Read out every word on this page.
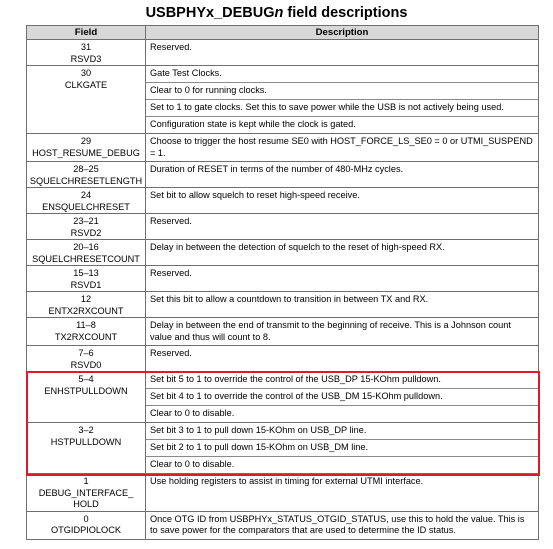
USBPHYx_DEBUGn field descriptions
Field	Description

31
RSVD3	Reserved.

30
CLKGATE	Gate Test Clocks.
Clear to 0 for running clocks.
Set to 1 to gate clocks. Set this to save power while the USB is not actively being used.
Configuration state is kept while the clock is gated.

29
HOST_RESUME_DEBUG	Choose to trigger the host resume SE0 with HOST_FORCE_LS_SE0 = 0 or UTMI_SUSPEND = 1.

28–25
SQUELCHRESETLENGTH	Duration of RESET in terms of the number of 480-MHz cycles.

24
ENSQUELCHRESET	Set bit to allow squelch to reset high-speed receive.

23–21
RSVD2	Reserved.

20–16
SQUELCHRESETCOUNT	Delay in between the detection of squelch to the reset of high-speed RX.

15–13
RSVD1	Reserved.

12
ENTX2RXCOUNT	Set this bit to allow a countdown to transition in between TX and RX.

11–8
TX2RXCOUNT	Delay in between the end of transmit to the beginning of receive. This is a Johnson count value and thus will count to 8.

7–6
RSVD0	Reserved.

5–4
ENHSTPULLDOWN	Set bit 5 to 1 to override the control of the USB_DP 15-KOhm pulldown.
Set bit 4 to 1 to override the control of the USB_DM 15-KOhm pulldown.
Clear to 0 to disable.

3–2
HSTPULLDOWN	Set bit 3 to 1 to pull down 15-KOhm on USB_DP line.
Set bit 2 to 1 to pull down 15-KOhm on USB_DM line.
Clear to 0 to disable.

1
DEBUG_INTERFACE_
HOLD	Use holding registers to assist in timing for external UTMI interface.

0
OTGIDPIOLOCK	Once OTG ID from USBPHYx_STATUS_OTGID_STATUS, use this to hold the value. This is to save power for the comparators that are used to determine the ID status.
